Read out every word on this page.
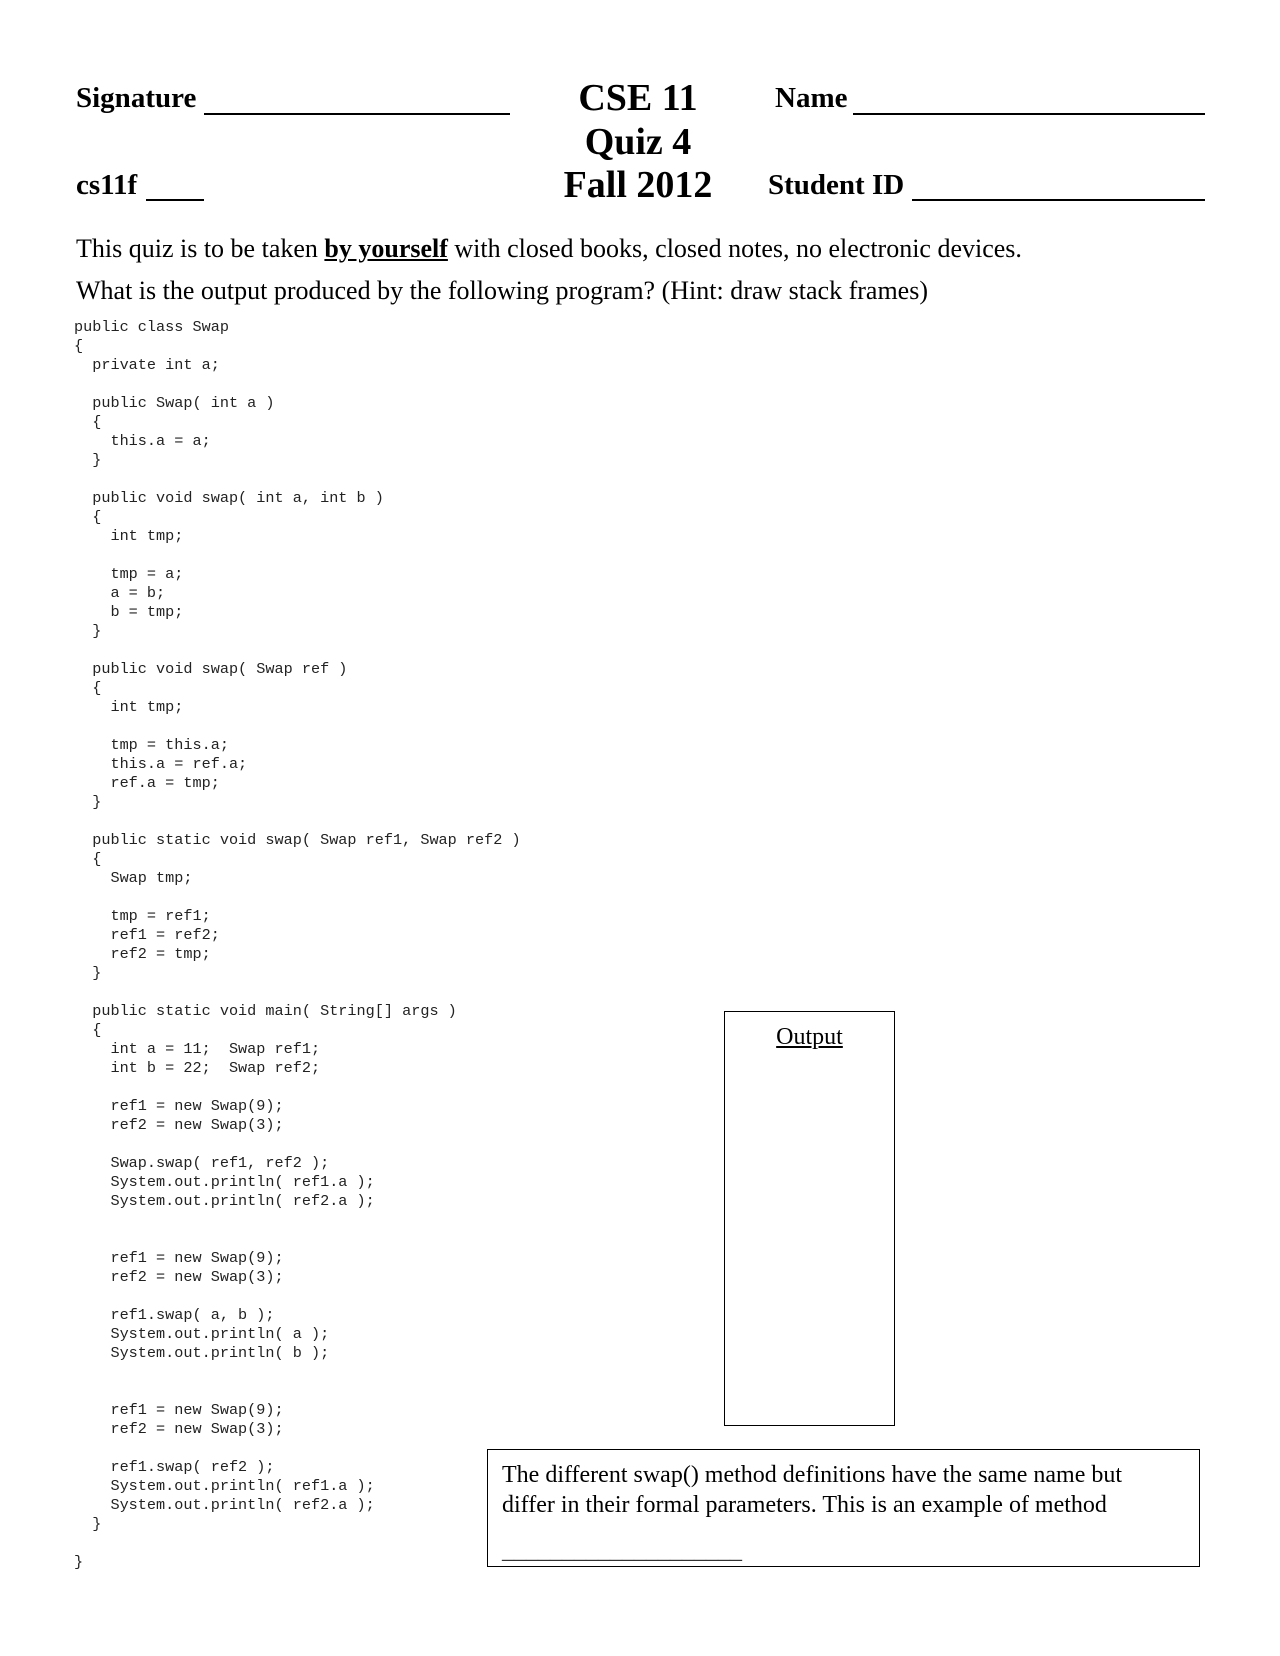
Signature	CSE 11	Name
Quiz 4
cs11f	Fall 2012	Student ID
This quiz is to be taken by yourself with closed books, closed notes, no electronic devices.
What is the output produced by the following program? (Hint: draw stack frames)
public class Swap
{
private int a;

public Swap( int a )
{
this.a = a;
}

public void swap( int a, int b )
{
int tmp;

tmp = a;
a = b;
b = tmp;
}

public void swap( Swap ref )
{
int tmp;

tmp = this.a;
this.a = ref.a;
ref.a = tmp;
}

public static void swap( Swap ref1, Swap ref2 )
{
Swap tmp;

tmp = ref1;
ref1 = ref2;
ref2 = tmp;
}

public static void main( String[] args )
{
int a = 11;  Swap ref1;
int b = 22;  Swap ref2;

ref1 = new Swap(9);
ref2 = new Swap(3);

Swap.swap( ref1, ref2 );
System.out.println( ref1.a );
System.out.println( ref2.a );

ref1 = new Swap(9);
ref2 = new Swap(3);

ref1.swap( a, b );
System.out.println( a );
System.out.println( b );

ref1 = new Swap(9);
ref2 = new Swap(3);

ref1.swap( ref2 );
System.out.println( ref1.a );
System.out.println( ref2.a );
}

}
Output
The different swap() method definitions have the same name but differ in their formal parameters. This is an example of method
____________________
